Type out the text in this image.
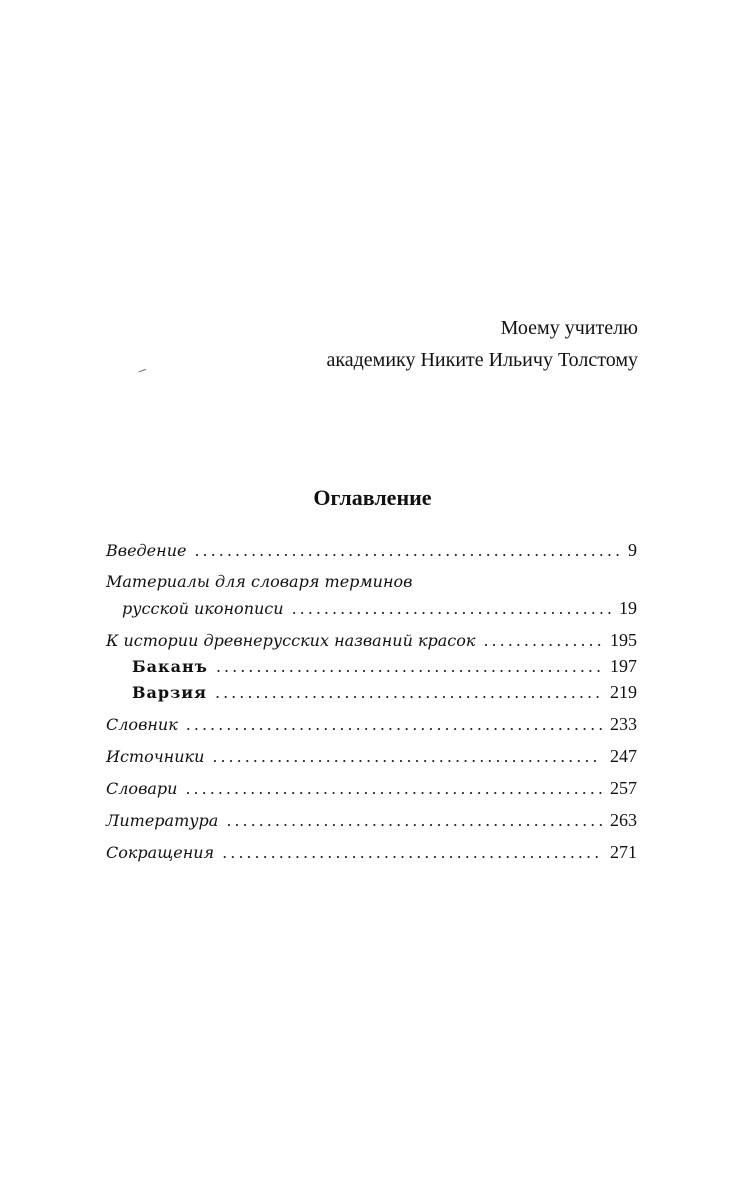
Моему учителю
академику Никите Ильичу Толстому
Оглавление
Введение .....	9
Материалы для словаря терминов
русской иконописи .....	19
К истории древнерусских названий красок .....	195
Баканъ .....	197
Варзия .....	219
Словник .....	233
Источники .....	247
Словари .....	257
Литература .....	263
Сокращения .....	271
